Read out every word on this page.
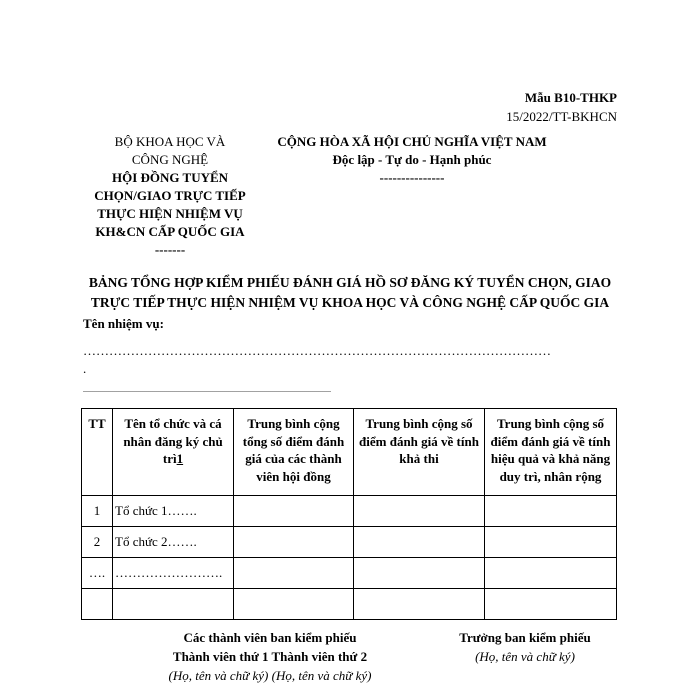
Mẫu B10-THKP
15/2022/TT-BKHCN
BỘ KHOA HỌC VÀ
CÔNG NGHỆ
HỘI ĐỒNG TUYỂN
CHỌN/GIAO TRỰC TIẾP
THỰC HIỆN NHIỆM VỤ
KH&CN CẤP QUỐC GIA
-------
CỘNG HÒA XÃ HỘI CHỦ NGHĨA VIỆT NAM
Độc lập - Tự do - Hạnh phúc
---------------
BẢNG TỔNG HỢP KIỂM PHIẾU ĐÁNH GIÁ HỒ SƠ ĐĂNG KÝ TUYỂN CHỌN, GIAO
TRỰC TIẾP THỰC HIỆN NHIỆM VỤ KHOA HỌC VÀ CÔNG NGHỆ CẤP QUỐC GIA
Tên nhiệm vụ:
………………………………………………………………………………………………
.
............................................................................................................................
TT	Tên tổ chức và cá nhân đăng ký chủ trì1	Trung bình cộng tổng số điểm đánh giá của các thành viên hội đồng	Trung bình cộng số điểm đánh giá về tính khả thi	Trung bình cộng số điểm đánh giá về tính hiệu quả và khả năng duy trì, nhân rộng
1	Tổ chức 1…….			
2	Tổ chức 2…….			
….	…………………….			

Các thành viên ban kiểm phiếu
Thành viên thứ 1 Thành viên thứ 2
(Họ, tên và chữ ký) (Họ, tên và chữ ký)
Trưởng ban kiểm phiếu
(Họ, tên và chữ ký)
